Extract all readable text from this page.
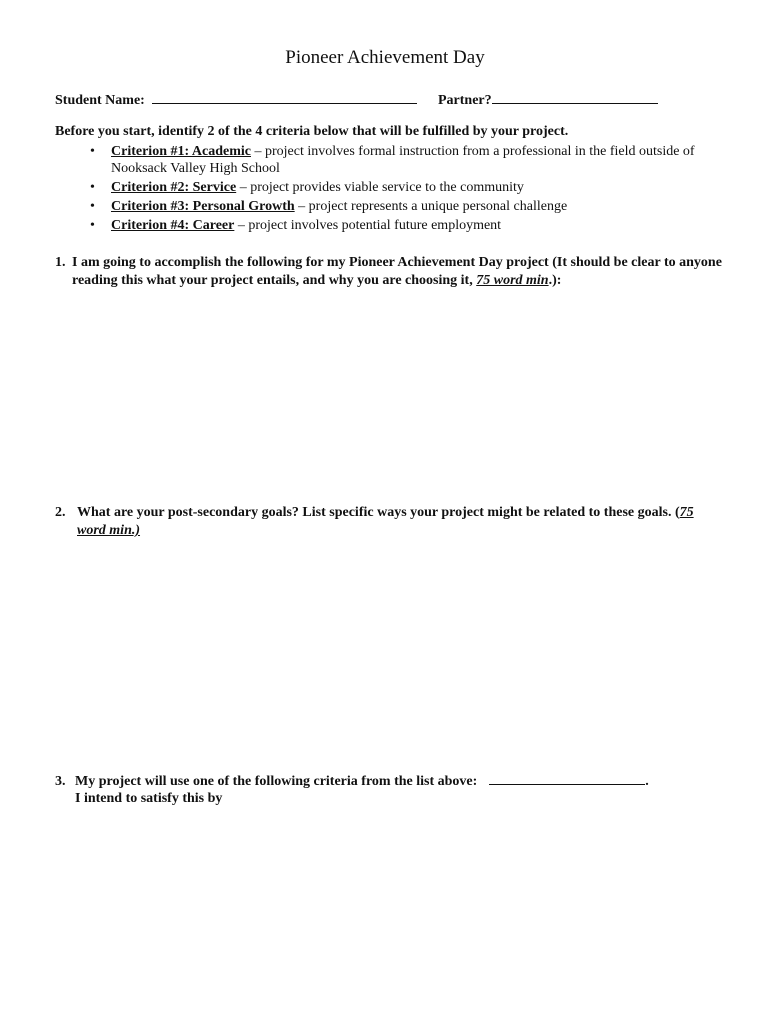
Pioneer Achievement Day
Student Name:	Partner?
Before you start, identify 2 of the 4 criteria below that will be fulfilled by your project.
• Criterion #1: Academic – project involves formal instruction from a professional in the field outside of Nooksack Valley High School
• Criterion #2: Service – project provides viable service to the community
• Criterion #3: Personal Growth – project represents a unique personal challenge
• Criterion #4: Career – project involves potential future employment
1. I am going to accomplish the following for my Pioneer Achievement Day project (It should be clear to anyone reading this what your project entails, and why you are choosing it, 75 word min.):
2. What are your post-secondary goals? List specific ways your project might be related to these goals. (75 word min.)
3. My project will use one of the following criteria from the list above:	.
I intend to satisfy this by
